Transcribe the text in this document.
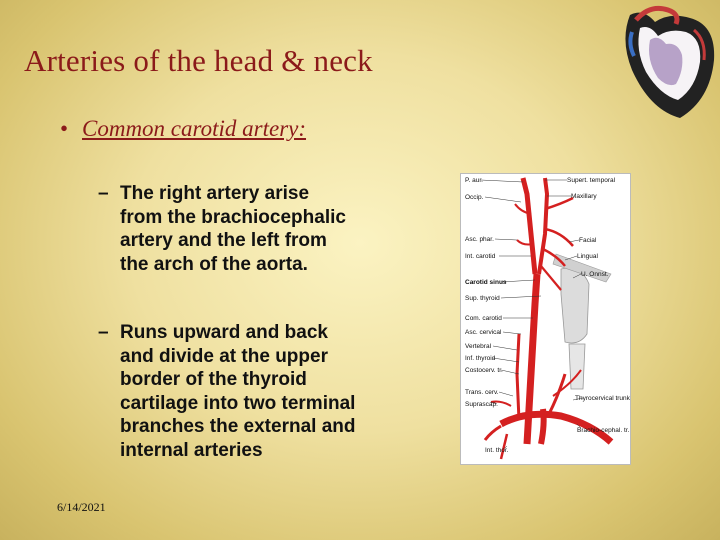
Arteries of the head & neck
• Common carotid artery:
– The right artery arise
from the brachiocephalic
artery and the left from
the arch of the aorta.
– Runs upward and back
and divide at the upper
border of the thyroid
cartilage into two terminal
branches the external and
internal arteries
P. aur.
Occip.
Asc. phar.
Int. carotid
Carotid sinus
Sup. thyroid
Com. carotid
Asc. cervical
Vertebral
Inf. thyroid
Costocerv. tr.
Trans. cerv.
Suprascap.
Int. thor.
Supert. temporal
Maxillary
Facial
Lingual
U. Onnst.
Thyrocervical trunk
Brachio-cephal. tr.
6/14/2021
